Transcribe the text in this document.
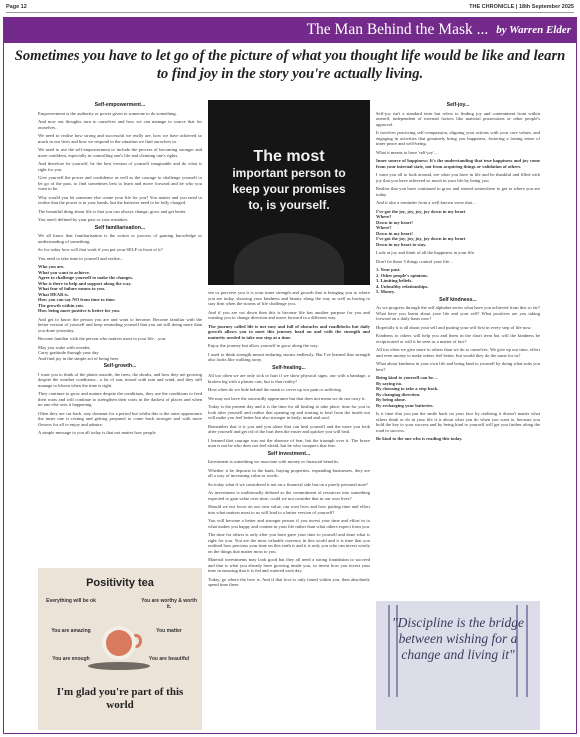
Page 12	THE CHRONICLE | 18th September 2025
The Man Behind the Mask ... by Warren Elder
Sometimes you have to let go of the picture of what you thought life would be like and learn to find joy in the story you're actually living.
Self-empowerment...

Empowerment is the authority or power given to someone to do something.

And now out thoughts turn to ourselves and how we can manage to source that for ourselves.

We need to realise how strong and successful we really are, how we have achieved so much in our lives and how we respond to the situation we find ourselves in.

We need to use the self-empowerment to include the process of becoming stronger and more confident, especially in controlling one's life and claiming one's rights.

And therefore be yourself, be the best version of yourself imaginable and do what is right for you.

Give yourself the power and confidence as well as the courage to challenge yourself to let go of the past, to find sometimes best to learn and move forward and be who you want to be.

Why would you let someone else create your life for you? You matter and you need to realise that the power is in your hands, but the batteries need to be fully charged.

The beautiful thing about life is that you can always change, grow and get better.

You aren't defined by your past or your mistakes.

Self familiarisation...

We all know that familiarisation is the action or process of gaining knowledge or understanding of something.

So for today how will that work if you put your SELF in front of it?

You need to take time to yourself and realise...

Who you are.
What you want to achieve.
Agree to challenge yourself to make the changes.
Who is there to help and support along the way.
What fear of failure means to you.
What HEAR is.
How you can say NO from time to time.
The growth within you.
How being more positive is better for you.

And get to know the person you are and want to become. Become familiar with the better version of yourself and keep reminding yourself that you are still doing more than you done yesterday.

Become familiar with the person who matters most in your life…you.

May you wake with wonder,

Carry gratitude through your day

And find joy in the simple act of being here.

Self-growth...

I want you to think of the plants outside, the trees, the shrubs, and how they are growing despite the weather conditions…a lot of sun, mixed with rain and wind, and they still manage to bloom when the time is right.

They continue to grow and mature despite the conditions, they use the conditions to feed their roots and will continue to strengthen their roots in the darkest of places and when no one else sees it happening.

Often they are cut back, stay dormant for a period but whilst this is the outer appearance the inner one is resting and getting prepared to come back stronger and with more flowers for all to enjoy and admire.

A simple message to you all today is that not matter how people

The most
important person to
keep your promises
to, is yourself.

see or perceive you it is your inner strength and growth that is bringing you to where you are today, showing your kindness and beauty along the way as well as having to stay firm when the storms of life challenge you.

And if you are cut down then this is become life has another purpose for you and wanting you to change direction and move forward in a different way.

The journey called life is not easy and full of obstacles and roadblocks but daily growth allows you to meet this journey head on and with the strength and maturity needed to take one step at a time.

Enjoy the journey but allow yourself to grow along the way.

I used to think strength meant enduring storms endlessly. But I've learned that strength also looks like walking away.

Self-healing...

All too often we are only sick or hurt if we show physical signs, our with a bandage, a broken leg with a plaster cast, but is that reality?

How often do we hide behind the mask to cover up our pain or suffering.

We may not have the outwardly appearance but that does not mean we do not carry it.

Today is the present day and it is the time for all healing to take place, time for you to look after yourself and realise that opening up and starting to heal from the inside out will make you feel better but also stronger in body, mind and soul.

Remember that it is you and you alone that can heal yourself and the more you look after yourself and get rid of the hurt then the easier and quicker you will heal.

I learned that courage was not the absence of fear, but the triumph over it. The brave man is not he who does not feel afraid, but he who conquers that fear.

Self investment...

Investment is something we associate with money or financial benefits.

Whether it be deposits in the bank, buying properties, expanding businesses, they are all a way of increasing value or worth.

So today what if we considered it not on a financial side but on a purely personal note?

As investment is traditionally defined as the commitment of resources into something expected to gain value over time, could we not consider that in our own lives?

Should we not focus on our own value, our own lives and how putting time and effort into what matters most to us will lead to a better version of yourself?

You will become a better and stronger person if you invest your time and effort in to what makes you happy and content in your life rather than what others expect from you.

The time for others is only after you have gave your time to yourself and done what is right for you. You are the most valuable currency in this world and it is time that you realised how precious your time on this earth is and it is only you who can invest wisely on the things that matter most to you.

Material investments may look good but they all need a strong foundation to succeed and that is what you already have growing inside you, so invest how you invest your time in ensuring that it is fed and watered each day.

Today, go where the love is. And if that love is only found within you, then absolutely spend time there.

Self-joy...

Self-joy isn't a standard term but refers to finding joy and contentment from within oneself, independent of external factors like material possessions or other people's approval.

It involves practicing self-compassion, aligning your actions with your core values, and engaging in activities that genuinely bring you happiness, fostering a lasting sense of inner peace and well-being.

What it means to have 'self-joy'…

Inner source of happiness: It's the understanding that true happiness and joy come from your internal state, not from acquiring things or validation of others.

I want you all to look around, see what you have in life and be thankful and filled with joy that you have achieved so much in your life by being you.

Realise that you have continued to grow and started somewhere to get to where you are today.

And it also a reminder from a well known verse that…

I've got the joy, joy, joy, joy down in my heart
Where?
Down in my heart!
Where?
Down in my heart!
I've got the joy, joy, joy, joy down in my heart
Down in my heart to stay.

Look at joy and think of all the happiness in your life.

Don't let these 5 things control your life…

1. Your past.
2. Other people's opinions.
3. Limiting beliefs.
4. Unhealthy relationships.
5. Money.
Self kindness...

As we progress through the self alphabet series what have you achieved from this so far? What have you learnt about your life and your self? What positives are you taking forward on a daily basis now?

Hopefully it is all about your self and putting your self first in every step of life now.

Kindness to others will help you and them in the short term but will the kindness be reciprocated or will it be seen as a matter of fact?

All too often we give more to others than we do to ourselves. We give up our time, effort and even money to make others feel better, but would they do the same for us?

What about kindness in your own life and being kind to yourself by doing what suits you best?

Being kind to yourself can be…
By saying no.
By choosing to take a step back.
By changing direction.
By being alone.
By recharging your batteries.

Is it time that you put the smile back on your face by realising it doesn't matter what others think or do in your life it is about what you do when you want to, because you hold the key to your success and by being kind to yourself will get you further along the road to success.

Be kind to the one who is reading this today.

Positivity tea
Everything will be ok	You are worthy & worth it.
You are amazing	You matter
You are enough	You are beautiful
I'm glad you're part of this world
"Discipline is the bridge between wishing for a change and living it"
